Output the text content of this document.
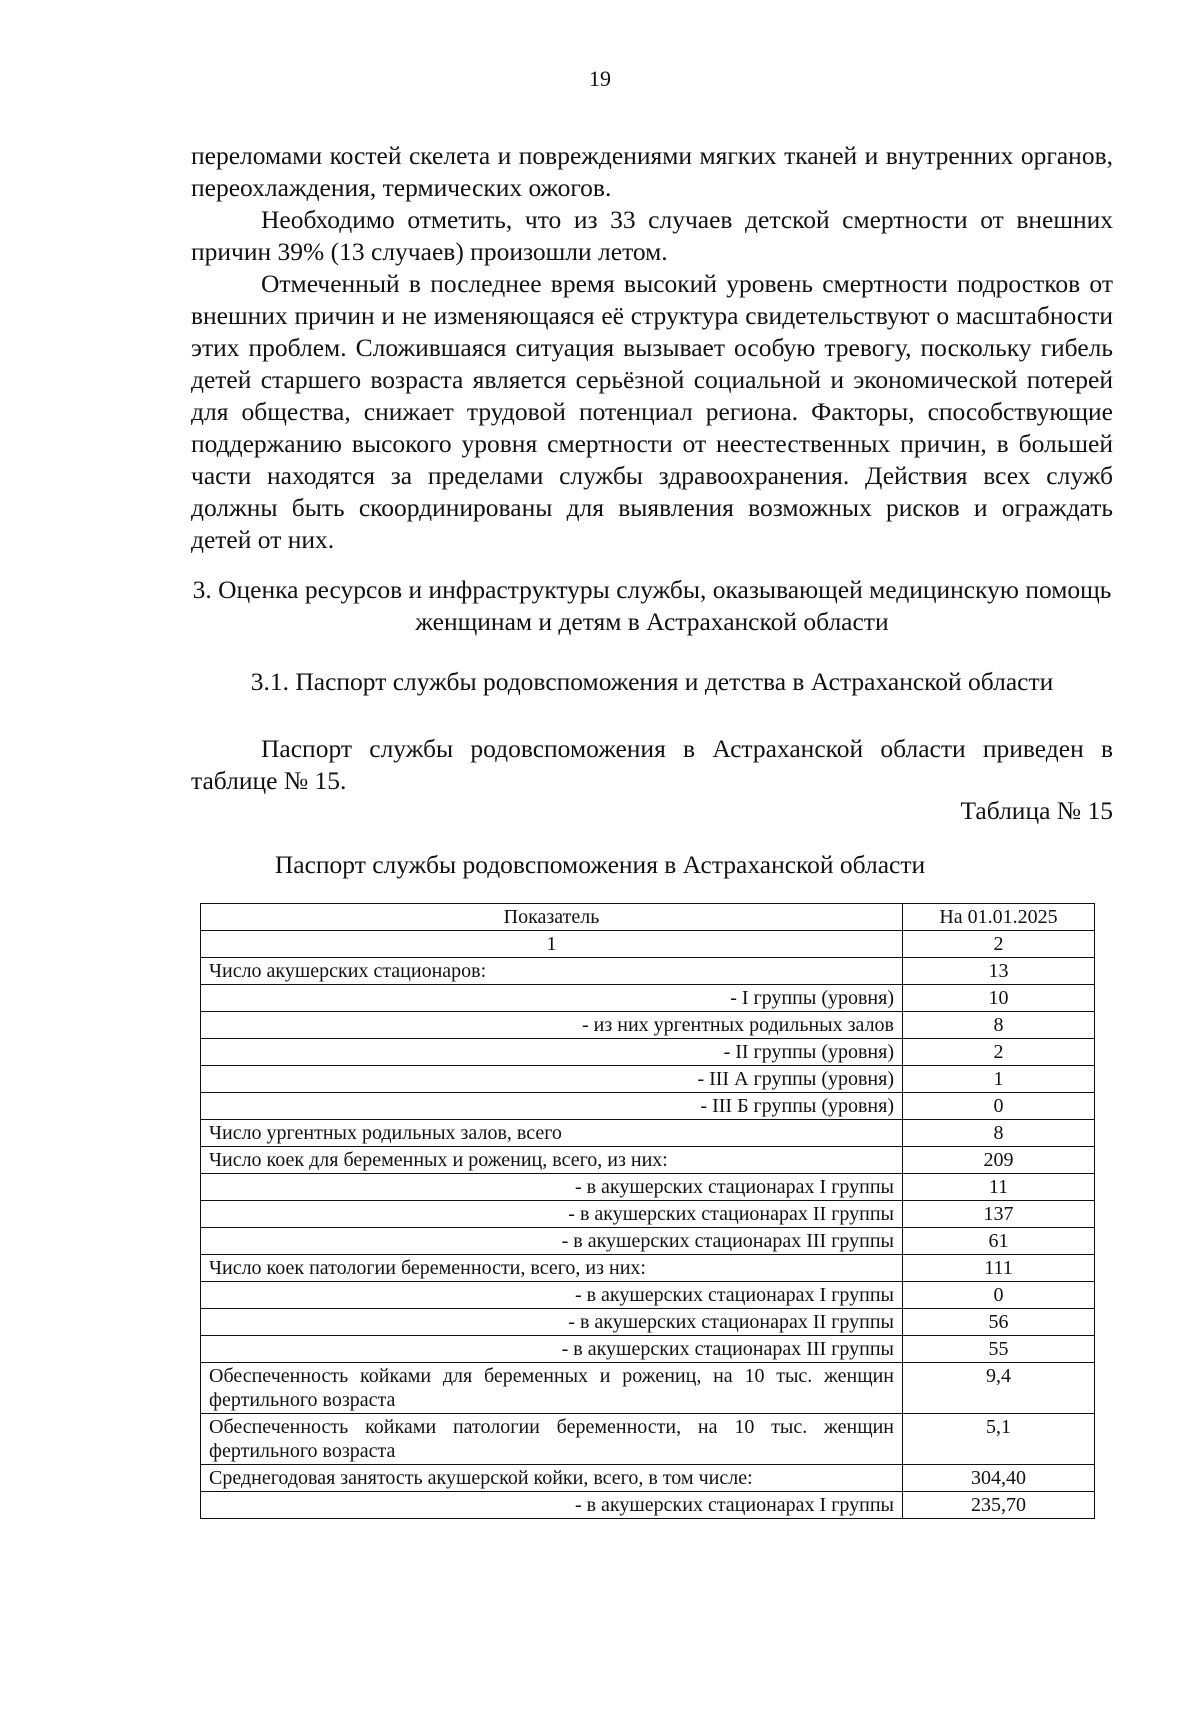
19

переломами костей скелета и повреждениями мягких тканей и внутренних органов, переохлаждения, термических ожогов.

Необходимо отметить, что из 33 случаев детской смертности от внешних причин 39% (13 случаев) произошли летом.

Отмеченный в последнее время высокий уровень смертности подростков от внешних причин и не изменяющаяся её структура свидетельствуют о масштабности этих проблем. Сложившаяся ситуация вызывает особую тревогу, поскольку гибель детей старшего возраста является серьёзной социальной и экономической потерей для общества, снижает трудовой потенциал региона. Факторы, способствующие поддержанию высокого уровня смертности от неестественных причин, в большей части находятся за пределами службы здравоохранения. Действия всех служб должны быть скоординированы для выявления возможных рисков и ограждать детей от них.

3. Оценка ресурсов и инфраструктуры службы, оказывающей медицинскую помощь женщинам и детям в Астраханской области
3.1. Паспорт службы родовспоможения и детства в Астраханской области

Паспорт службы родовспоможения в Астраханской области приведен в таблице № 15.

Таблица № 15
Паспорт службы родовспоможения в Астраханской области
Показатель	На 01.01.2025
1	2
Число акушерских стационаров:	13
- I группы (уровня)	10
- из них ургентных родильных залов	8
- II группы (уровня)	2
- III А группы (уровня)	1
- III Б группы (уровня)	0
Число ургентных родильных залов, всего	8
Число коек для беременных и рожениц, всего, из них:	209
- в акушерских стационарах I группы	11
- в акушерских стационарах II группы	137
- в акушерских стационарах III группы	61
Число коек патологии беременности, всего, из них:	111
- в акушерских стационарах I группы	0
- в акушерских стационарах II группы	56
- в акушерских стационарах III группы	55
Обеспеченность койками для беременных и рожениц, на 10 тыс. женщин фертильного возраста	9,4
Обеспеченность койками патологии беременности, на 10 тыс. женщин фертильного возраста	5,1
Среднегодовая занятость акушерской койки, всего, в том числе:	304,40
- в акушерских стационарах I группы	235,70
